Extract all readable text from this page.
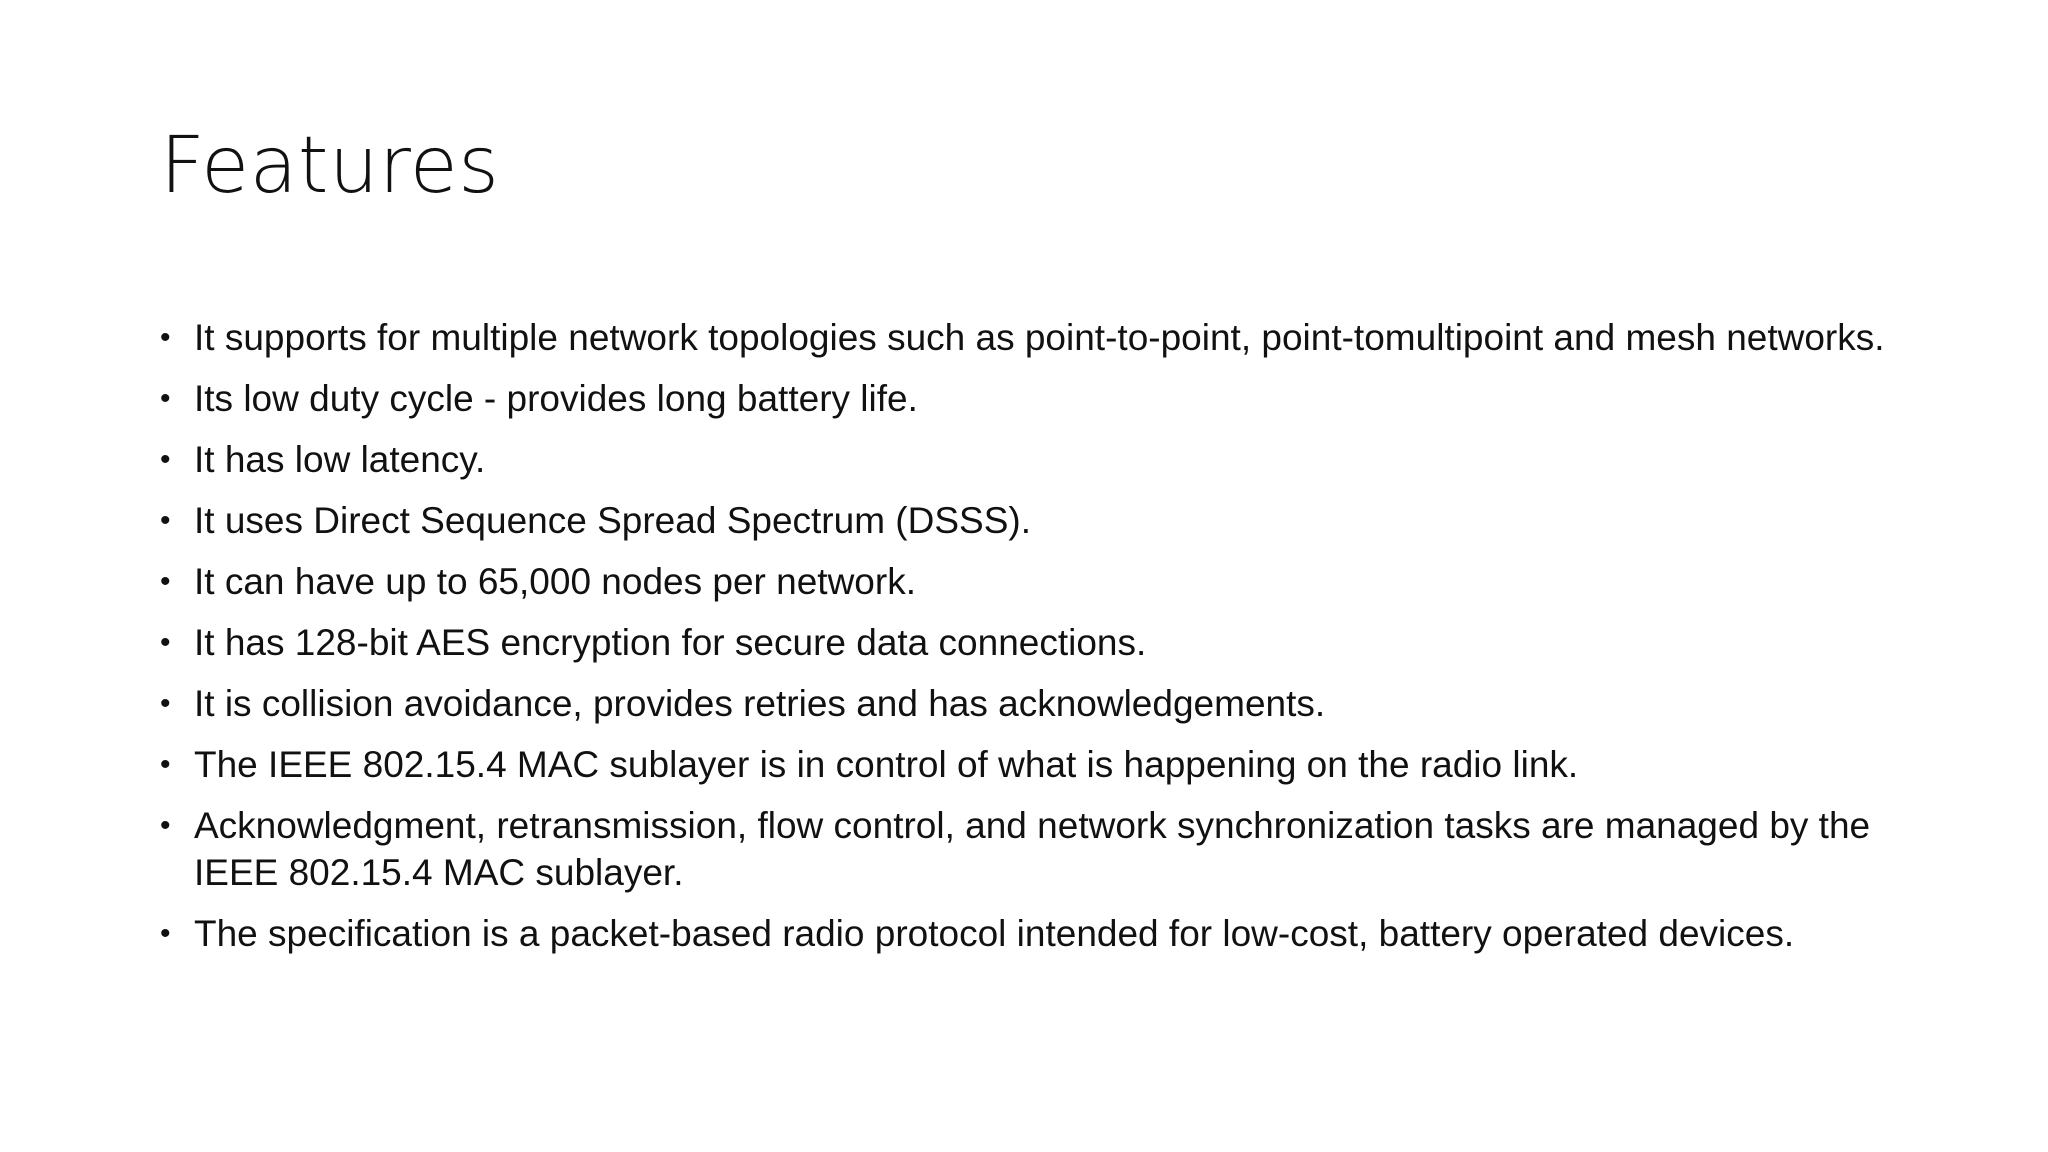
Features
• It supports for multiple network topologies such as point-to-point, point-tomultipoint and mesh networks.
• Its low duty cycle - provides long battery life.
• It has low latency.
• It uses Direct Sequence Spread Spectrum (DSSS).
• It can have up to 65,000 nodes per network.
• It has 128-bit AES encryption for secure data connections.
• It is collision avoidance, provides retries and has acknowledgements.
• The IEEE 802.15.4 MAC sublayer is in control of what is happening on the radio link.
• Acknowledgment, retransmission, flow control, and network synchronization tasks are managed by the IEEE 802.15.4 MAC sublayer.
• The specification is a packet-based radio protocol intended for low-cost, battery operated devices.
